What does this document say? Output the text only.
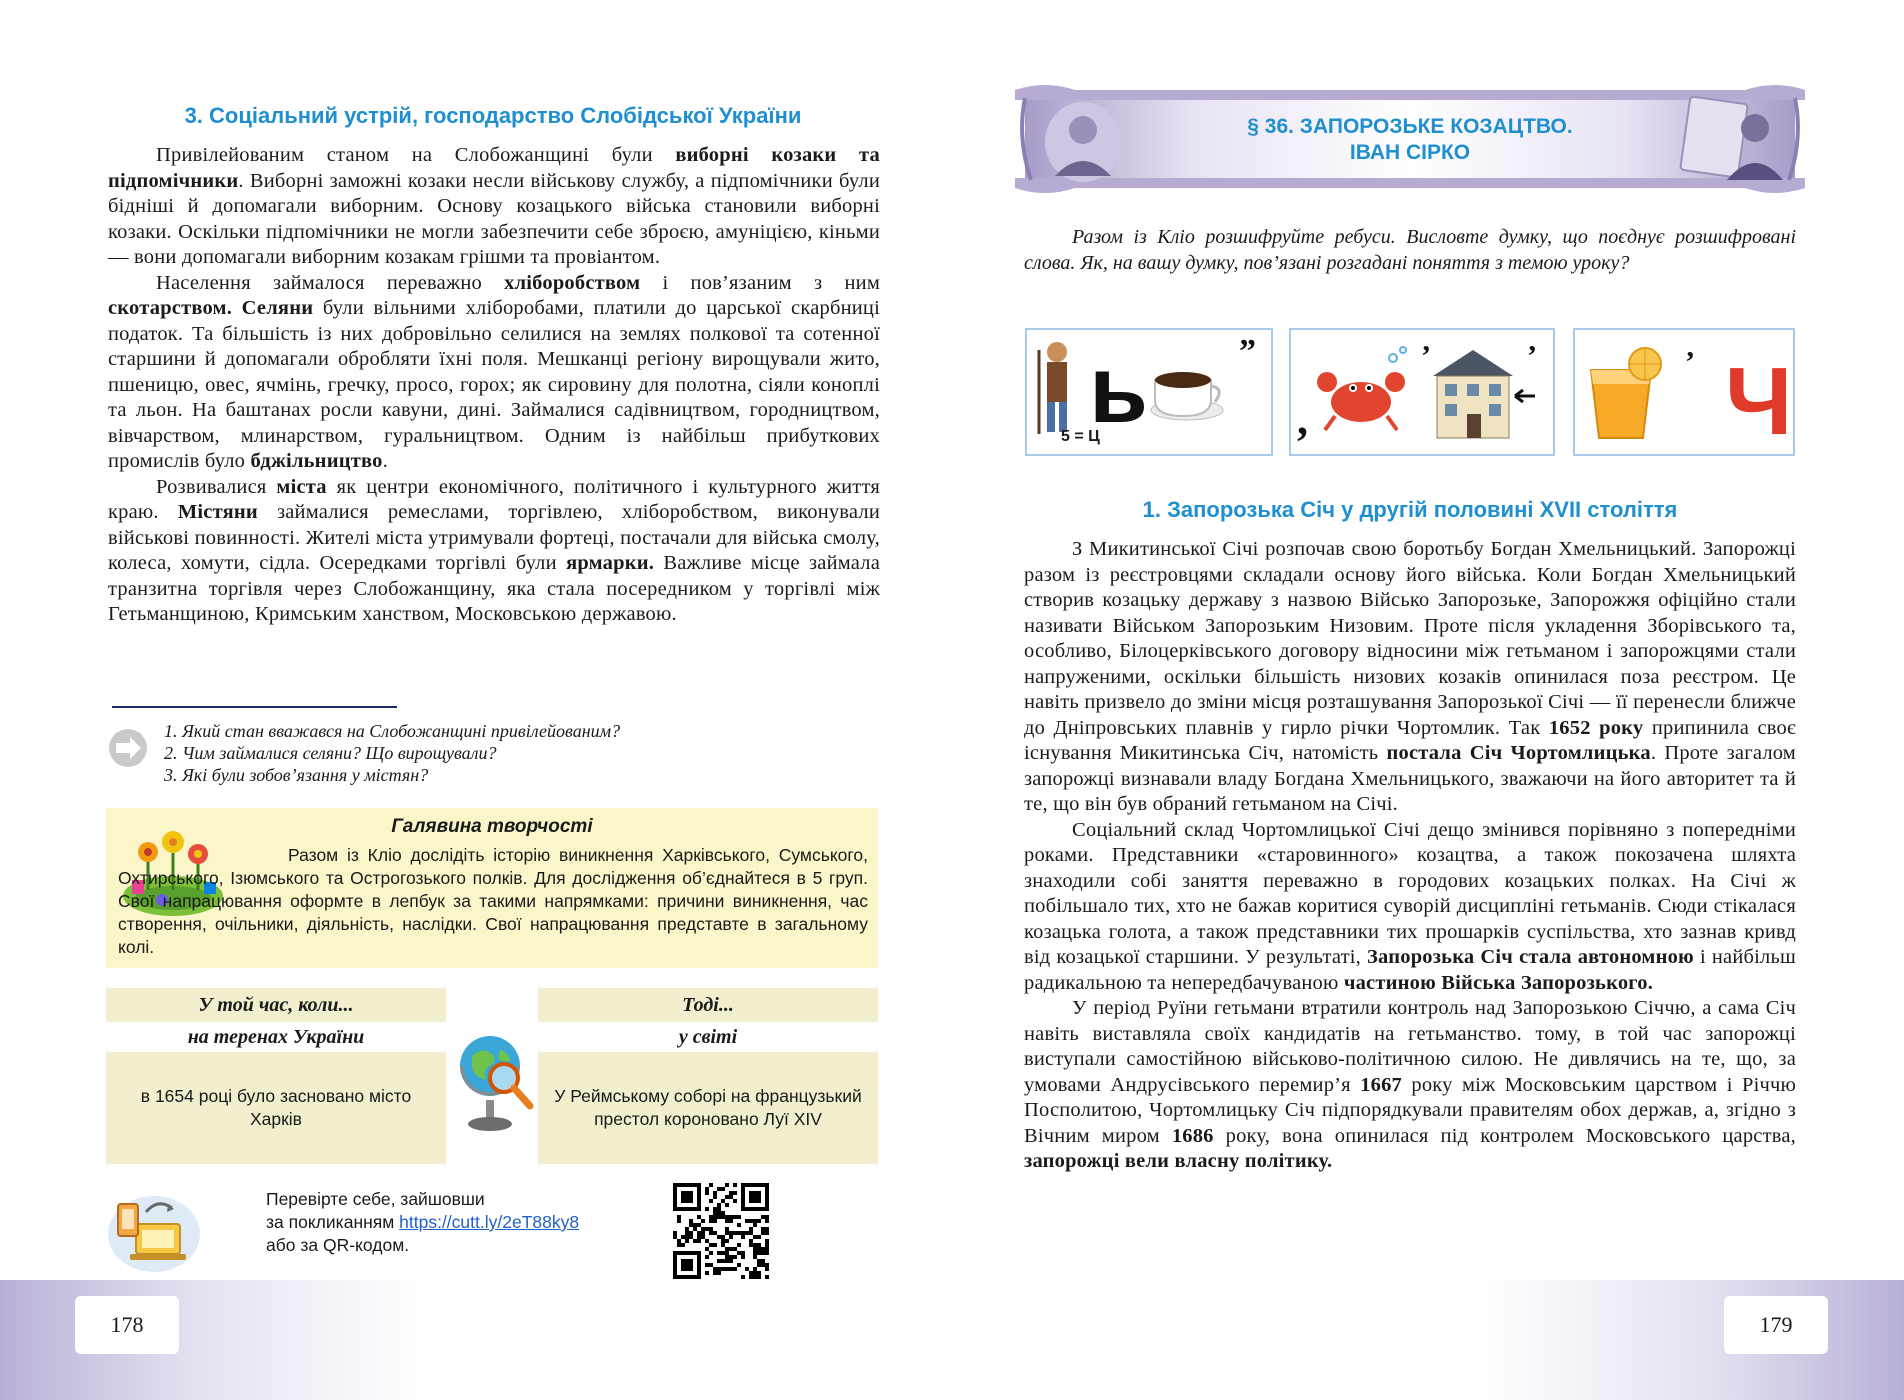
178	179
3. Соціальний устрій, господарство Слобідської України

Привілейованим станом на Слобожанщині були виборні козаки та підпомічники. Виборні заможні козаки несли військову службу, а підпомічники були бідніші й допомагали виборним. Основу козацького війська становили виборні козаки. Оскільки підпомічники не могли забезпечити себе зброєю, амуніцією, кіньми — вони допомагали виборним козакам грішми та провіантом.

Населення займалося переважно хліборобством і пов’язаним з ним скотарством. Селяни були вільними хліборобами, платили до царської скарбниці податок. Та більшість із них добровільно селилися на землях полкової та сотенної старшини й допомагали обробляти їхні поля. Мешканці регіону вирощували жито, пшеницю, овес, ячмінь, гречку, просо, горох; як сировину для полотна, сіяли коноплі та льон. На баштанах росли кавуни, дині. Займалися садівництвом, городництвом, вівчарством, млинарством, гуральництвом. Одним із найбільш прибуткових промислів було бджільництво.

Розвивалися міста як центри економічного, політичного і культурного життя краю. Містяни займалися ремеслами, торгівлею, хліборобством, виконували військові повинності. Жителі міста утримували фортеці, постачали для війська смолу, колеса, хомути, сідла. Осередками торгівлі були ярмарки. Важливе місце займала транзитна торгівля через Слобожанщину, яка стала посередником у торгівлі між Гетьманщиною, Кримським ханством, Московською державою.

1. Який стан вважався на Слобожанщині привілейованим?
2. Чим займалися селяни? Що вирощували?
3. Які були зобов’язання у містян?
Галявина творчості
Разом із Кліо дослідіть історію виникнення Харківського, Сумського, Охтирського, Ізюмського та Острогозького полків. Для дослідження об’єднайтеся в 5 груп. Свої напрацювання оформте в лепбук за такими напрямками: причини виникнення, час створення, очільники, діяльність, наслідки. Свої напрацювання представте в загальному колі.
У той час, коли...
на теренах України
в 1654 році було засновано місто Харків
Тоді...
у світі
У Реймському соборі на французький престол короновано Луї XIV
Перевірте себе, зайшовши
за покликанням https://cutt.ly/2eT88ky8
або за QR-кодом.
§ 36. ЗАПОРОЗЬКЕ КОЗАЦТВО.
ІВАН СІРКО
Разом із Кліо розшифруйте ребуси. Висловте думку, що поєднує розшифровані слова. Як, на вашу думку, пов’язані розгадані поняття з темою уроку?
ь	”
5 = Ц	,
ʼ	ʼ	ʼ Ч
1. Запорозька Січ у другій половині XVII століття

З Микитинської Січі розпочав свою боротьбу Богдан Хмельницький. Запорожці разом із реєстровцями складали основу його війська. Коли Богдан Хмельницький створив козацьку державу з назвою Військо Запорозьке, Запорожжя офіційно стали називати Військом Запорозьким Низовим. Проте після укладення Зборівського та, особливо, Білоцерківського договору відносини між гетьманом і запорожцями стали напруженими, оскільки більшість низових козаків опинилася поза реєстром. Це навіть призвело до зміни місця розташування Запорозької Січі — її перенесли ближче до Дніпровських плавнів у гирло річки Чортомлик. Так 1652 року припинила своє існування Микитинська Січ, натомість постала Січ Чортомлицька. Проте загалом запорожці визнавали владу Богдана Хмельницького, зважаючи на його авторитет та й те, що він був обраний гетьманом на Січі.

Соціальний склад Чортомлицької Січі дещо змінився порівняно з попередніми роками. Представники «старовинного» козацтва, а також покозачена шляхта знаходили собі заняття переважно в городових козацьких полках. На Січі ж побільшало тих, хто не бажав коритися суворій дисципліні гетьманів. Сюди стікалася козацька голота, а також представники тих прошарків суспільства, хто зазнав кривд від козацької старшини. У результаті, Запорозька Січ стала автономною і найбільш радикальною та непередбачуваною частиною Війська Запорозького.

У період Руїни гетьмани втратили контроль над Запорозькою Січчю, а сама Січ навіть виставляла своїх кандидатів на гетьманство. тому, в той час запорожці виступали самостійною військово-політичною силою. Не дивлячись на те, що, за умовами Андрусівського перемир’я 1667 року між Московським царством і Річчю Посполитою, Чортомлицьку Січ підпорядкували правителям обох держав, а, згідно з Вічним миром 1686 року, вона опинилася під контролем Московського царства, запорожці вели власну політику.
